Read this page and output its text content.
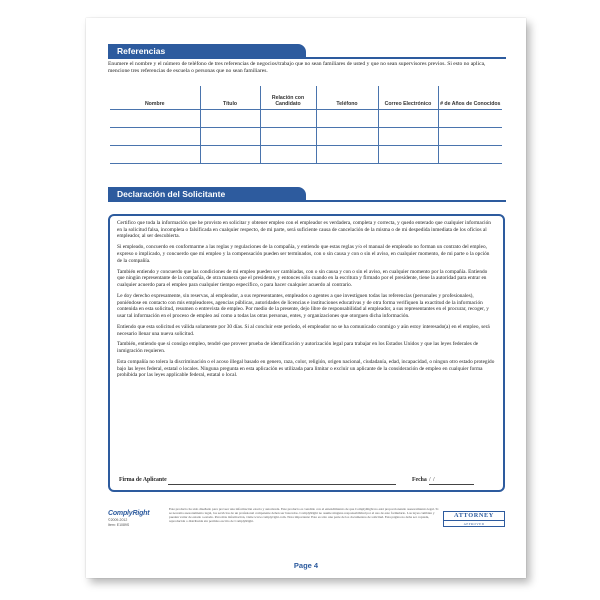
Referencias
Enumere el nombre y el número de teléfono de tres referencias de negocios/trabajo que no sean familiares de usted y que no sean supervisores previos. Si esto no aplica, mencione tres referencias de escuela o personas que no sean familiares.
Nombre	Título	Relación con Candidato	Teléfono	Correo Electrónico	# de Años de Conocidos

Declaración del Solicitante

Certifico que toda la información que he provisto en solicitar y obtener empleo con el empleador es verdadera, completa y correcta, y quedo enterado que cualquier información en la solicitud falsa, incompleta o falsificada en cualquier respecto, de mi parte, será suficiente causa de cancelación de la misma o de mi despedida inmediata de los oficios al empleador, al ser descubierta.

Si empleado, concuerdo en conformarme a las reglas y regulaciones de la compañía, y entiendo que estas reglas y/o el manual de empleado no forman un contrato del empleo, expreso o implicado, y concuerdo que mi empleo y la compensación pueden ser terminados, con o sin causa y con o sin el aviso, en cualquier momento, de mi parte o la opción de la compañía.

También entiendo y concuerdo que las condiciones de mi empleo pueden ser cambiadas, con o sin causa y con o sin el aviso, en cualquier momento por la compañía. Entiendo que ningún representante de la compañía, de otra manera que el presidente, y entonces sólo cuando en la escritura y firmado por el presidente, tiene la autoridad para entrar en cualquier acuerdo para el empleo para cualquier tiempo específico, o para hacer cualquier acuerdo al contrario.

Le doy derecho expresamente, sin reservas, al empleador, a sus representantes, empleados o agentes a que investiguen todas las referencias (personales y profesionales), poniéndose en contacto con mis empleadores, agencias públicas, autoridades de licencias e instituciones educativas y de otra forma verifiquen la exactitud de la información contenida en esta solicitud, resumen o entrevista de empleo. Por medio de la presente, dejo libre de responsabilidad al empleador, a sus representantes en el procurar, recoger, y usar tal información en el proceso de empleo así como a todas las otras personas, entes, y organizaciones que otorguen dicha información.

Entiendo que esta solicitud es válida solamente por 30 días. Si al concluir este período, el empleador no se ha comunicado conmigo y aún estoy interesado(a) en el empleo, será necesario llenar una nueva solicitud.

También, entiendo que si consigo empleo, tendré que proveer prueba de identificación y autorización legal para trabajar en los Estados Unidos y que las leyes federales de inmigración requieren.

Esta compañía no tolera la discriminación o el acoso illegal basado en genero, raza, color, religión, origen nacional, ciudadanía, edad, incapacidad, o ningun otro estado protegido bajo las leyes federal, estatal o locales. Ninguna pregunta en esta aplicación es utilizada para limitar o excluir un aplicante de la consideración de empleo en cualquier forma prohibida por las leyes applicable federal, estatal o local.

Firma de Aplicante	Fecha / /
ComplyRight
©2009-2012
Item: E1089S
Este producto ha sido diseñado para proveer una información exacta y autorizada. Este producto es vendido con el entendimiento de que ComplyRight no está proporcionando asesoramiento legal. Si se necesita asesoramiento legal, los servicios de un profesional competente deben ser buscados. ComplyRight no asume ninguna responsabilidad por el uso de este formulario. Las leyes cambian y pueden variar de estado a estado. Para más información, visite www.complyright.com. Nota importante: Este es sólo una parte de los documentos de solicitud. Esta página no debe ser copiada, reproducida o distribuida sin permiso escrito de ComplyRight.
ATTORNEY
APPROVED
Page 4
